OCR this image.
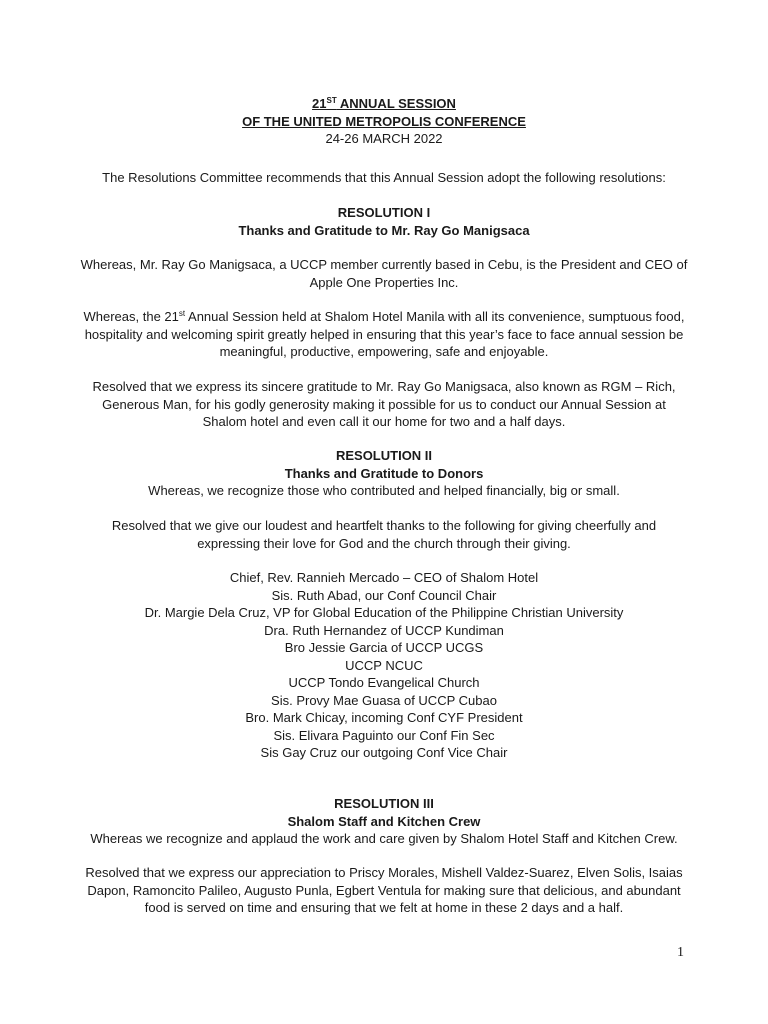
21ST ANNUAL SESSION

OF THE UNITED METROPOLIS CONFERENCE

24-26 MARCH 2022

The Resolutions Committee recommends that this Annual Session adopt the following resolutions:

RESOLUTION I

Thanks and Gratitude to Mr. Ray Go Manigsaca

Whereas, Mr. Ray Go Manigsaca, a UCCP member currently based in Cebu, is the President and CEO of

Apple One Properties Inc.

Whereas, the 21st Annual Session held at Shalom Hotel Manila with all its convenience, sumptuous food,

hospitality and welcoming spirit greatly helped in ensuring that this year’s face to face annual session be

meaningful, productive, empowering, safe and enjoyable.

Resolved that we express its sincere gratitude to Mr. Ray Go Manigsaca, also known as RGM – Rich,

Generous Man, for his godly generosity making it possible for us to conduct our Annual Session at

Shalom hotel and even call it our home for two and a half days.

RESOLUTION II

Thanks and Gratitude to Donors

Whereas, we recognize those who contributed and helped financially, big or small.

Resolved that we give our loudest and heartfelt thanks to the following for giving cheerfully and

expressing their love for God and the church through their giving.

Chief, Rev. Rannieh Mercado – CEO of Shalom Hotel

Sis. Ruth Abad, our Conf Council Chair

Dr. Margie Dela Cruz, VP for Global Education of the Philippine Christian University

Dra. Ruth Hernandez of UCCP Kundiman

Bro Jessie Garcia of UCCP UCGS

UCCP NCUC

UCCP Tondo Evangelical Church

Sis. Provy Mae Guasa of UCCP Cubao

Bro. Mark Chicay, incoming Conf CYF President

Sis. Elivara Paguinto our Conf Fin Sec

Sis Gay Cruz our outgoing Conf Vice Chair

RESOLUTION III

Shalom Staff and Kitchen Crew

Whereas we recognize and applaud the work and care given by Shalom Hotel Staff and Kitchen Crew.

Resolved that we express our appreciation to Priscy Morales, Mishell Valdez-Suarez, Elven Solis, Isaias

Dapon, Ramoncito Palileo, Augusto Punla, Egbert Ventula for making sure that delicious, and abundant

food is served on time and ensuring that we felt at home in these 2 days and a half.

1
